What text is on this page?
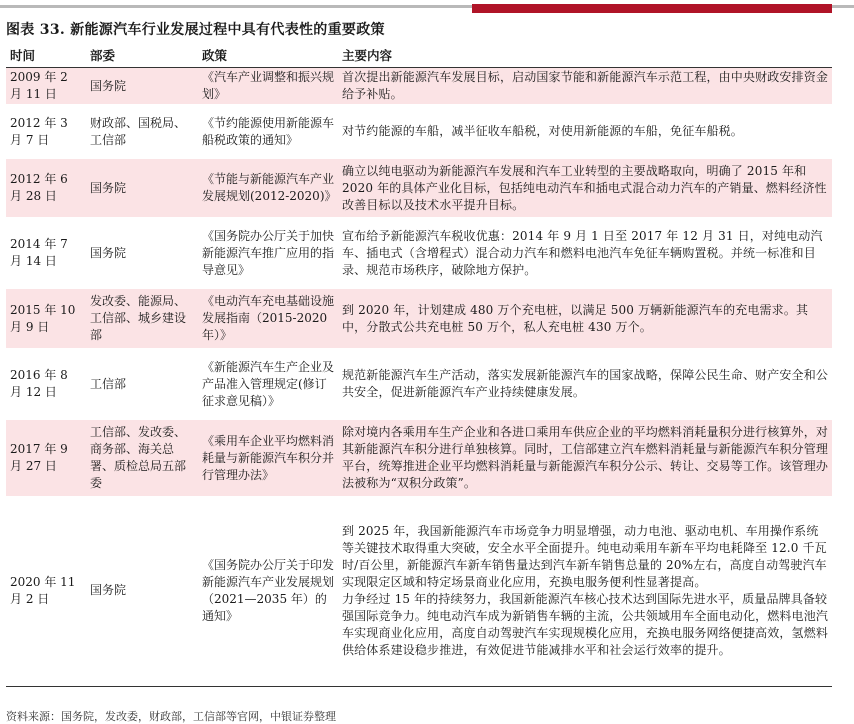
图表 33. 新能源汽车行业发展过程中具有代表性的重要政策
时间	部委	政策	主要内容
2009 年 2 月 11 日	国务院	《汽车产业调整和振兴规划》	首次提出新能源汽车发展目标，启动国家节能和新能源汽车示范工程，由中央财政安排资金给予补贴。

2012 年 3 月 7 日	财政部、国税局、工信部	《节约能源使用新能源车船税政策的通知》	对节约能源的车船，减半征收车船税，对使用新能源的车船，免征车船税。

2012 年 6 月 28 日	国务院	《节能与新能源汽车产业发展规划(2012-2020)》	确立以纯电驱动为新能源汽车发展和汽车工业转型的主要战略取向，明确了 2015 年和 2020 年的具体产业化目标，包括纯电动汽车和插电式混合动力汽车的产销量、燃料经济性改善目标以及技术水平提升目标。

2014 年 7 月 14 日	国务院	《国务院办公厅关于加快新能源汽车推广应用的指导意见》	宣布给予新能源汽车税收优惠：2014 年 9 月 1 日至 2017 年 12 月 31 日，对纯电动汽车、插电式（含增程式）混合动力汽车和燃料电池汽车免征车辆购置税。并统一标准和目录、规范市场秩序，破除地方保护。

2015 年 10 月 9 日	发改委、能源局、工信部、城乡建设部	《电动汽车充电基础设施发展指南（2015-2020 年）》	到 2020 年，计划建成 480 万个充电桩，以满足 500 万辆新能源汽车的充电需求。其中，分散式公共充电桩 50 万个，私人充电桩 430 万个。

2016 年 8 月 12 日	工信部	《新能源汽车生产企业及产品准入管理规定(修订征求意见稿）》	规范新能源汽车生产活动，落实发展新能源汽车的国家战略，保障公民生命、财产安全和公共安全，促进新能源汽车产业持续健康发展。

2017 年 9 月 27 日	工信部、发改委、商务部、海关总署、质检总局五部委	《乘用车企业平均燃料消耗量与新能源汽车积分并行管理办法》	除对境内各乘用车生产企业和各进口乘用车供应企业的平均燃料消耗量积分进行核算外，对其新能源汽车积分进行单独核算。同时，工信部建立汽车燃料消耗量与新能源汽车积分管理平台，统筹推进企业平均燃料消耗量与新能源汽车积分公示、转让、交易等工作。该管理办法被称为“双积分政策”。

2020 年 11 月 2 日	国务院	《国务院办公厅关于印发新能源汽车产业发展规划（2021—2035 年）的通知》	到 2025 年，我国新能源汽车市场竞争力明显增强，动力电池、驱动电机、车用操作系统等关键技术取得重大突破，安全水平全面提升。纯电动乘用车新车平均电耗降至 12.0 千瓦时/百公里，新能源汽车新车销售量达到汽车新车销售总量的 20%左右，高度自动驾驶汽车实现限定区域和特定场景商业化应用，充换电服务便利性显著提高。
力争经过 15 年的持续努力，我国新能源汽车核心技术达到国际先进水平，质量品牌具备较强国际竞争力。纯电动汽车成为新销售车辆的主流，公共领域用车全面电动化，燃料电池汽车实现商业化应用，高度自动驾驶汽车实现规模化应用，充换电服务网络便捷高效，氢燃料供给体系建设稳步推进，有效促进节能减排水平和社会运行效率的提升。
资料来源：国务院，发改委，财政部，工信部等官网，中银证券整理
